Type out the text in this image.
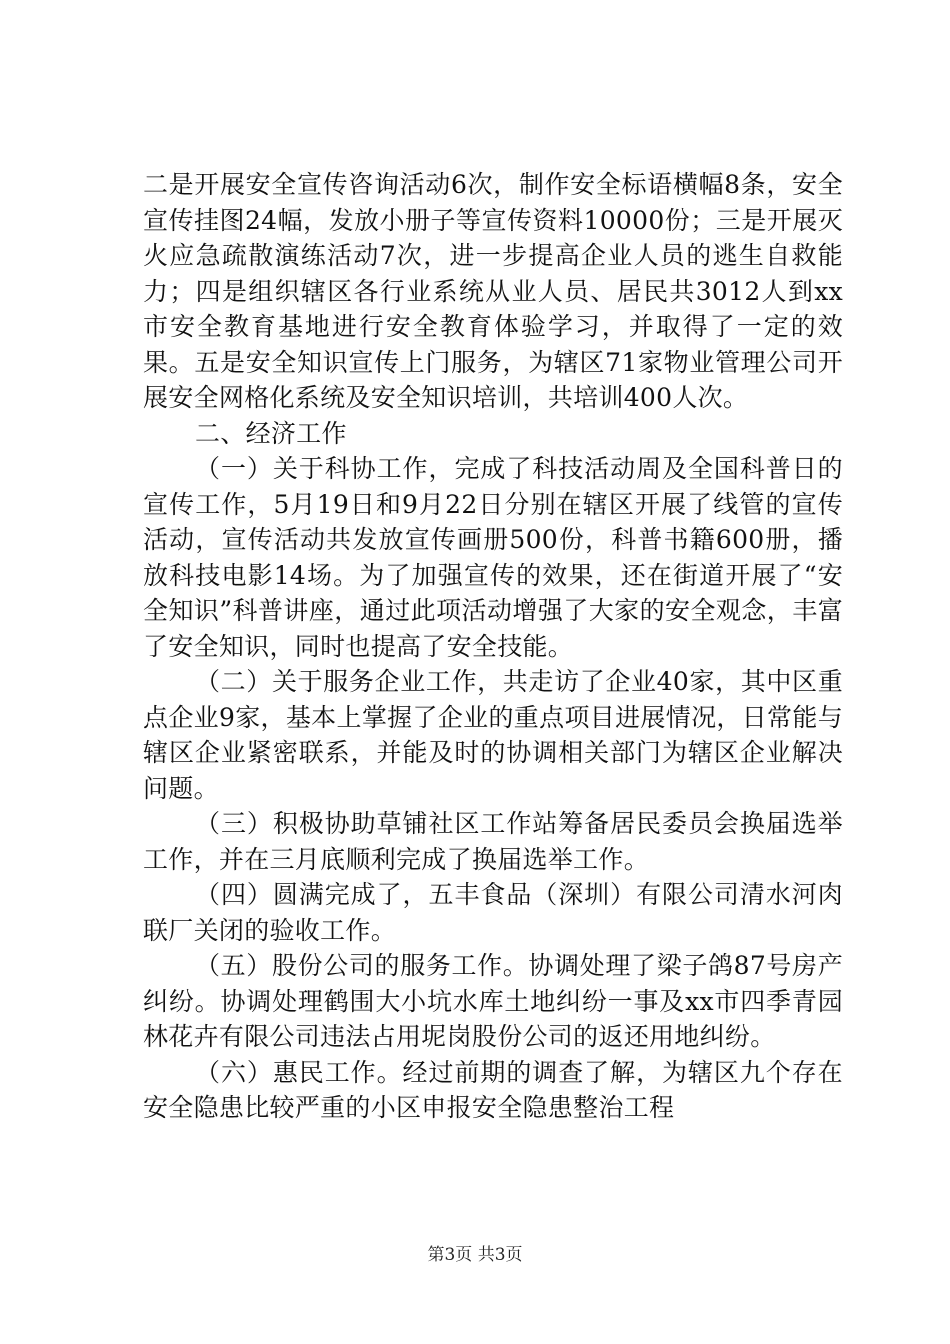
二是开展安全宣传咨询活动6次，制作安全标语横幅8条，安全宣传挂图24幅，发放小册子等宣传资料10000份；三是开展灭火应急疏散演练活动7次，进一步提高企业人员的逃生自救能力；四是组织辖区各行业系统从业人员、居民共3012人到xx市安全教育基地进行安全教育体验学习，并取得了一定的效果。五是安全知识宣传上门服务，为辖区71家物业管理公司开展安全网格化系统及安全知识培训，共培训400人次。

二、经济工作

（一）关于科协工作，完成了科技活动周及全国科普日的宣传工作，5月19日和9月22日分别在辖区开展了线管的宣传活动，宣传活动共发放宣传画册500份，科普书籍600册，播放科技电影14场。为了加强宣传的效果，还在街道开展了“安全知识”科普讲座，通过此项活动增强了大家的安全观念，丰富了安全知识，同时也提高了安全技能。

（二）关于服务企业工作，共走访了企业40家，其中区重点企业9家，基本上掌握了企业的重点项目进展情况，日常能与辖区企业紧密联系，并能及时的协调相关部门为辖区企业解决问题。

（三）积极协助草铺社区工作站筹备居民委员会换届选举工作，并在三月底顺利完成了换届选举工作。

（四）圆满完成了，五丰食品（深圳）有限公司清水河肉联厂关闭的验收工作。

（五）股份公司的服务工作。协调处理了梁子鸽87号房产纠纷。协调处理鹤围大小坑水库土地纠纷一事及xx市四季青园林花卉有限公司违法占用坭岗股份公司的返还用地纠纷。

（六）惠民工作。经过前期的调查了解，为辖区九个存在安全隐患比较严重的小区申报安全隐患整治工程

第3页 共3页
